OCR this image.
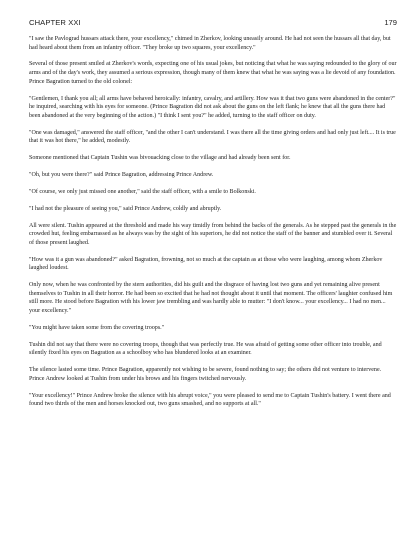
CHAPTER XXI	179

"I saw the Pavlograd hussars attack there, your excellency," chimed in Zherkov, looking uneasily around. He had not seen the hussars all that day, but had heard about them from an infantry officer. "They broke up two squares, your excellency."

Several of those present smiled at Zherkov's words, expecting one of his usual jokes, but noticing that what he was saying redounded to the glory of our arms and of the day's work, they assumed a serious expression, though many of them knew that what he was saying was a lie devoid of any foundation. Prince Bagration turned to the old colonel:

"Gentlemen, I thank you all; all arms have behaved heroically: infantry, cavalry, and artillery. How was it that two guns were abandoned in the center?" he inquired, searching with his eyes for someone. (Prince Bagration did not ask about the guns on the left flank; he knew that all the guns there had been abandoned at the very beginning of the action.) "I think I sent you?" he added, turning to the staff officer on duty.

"One was damaged," answered the staff officer, "and the other I can't understand. I was there all the time giving orders and had only just left.... It is true that it was hot there," he added, modestly.

Someone mentioned that Captain Tushin was bivouacking close to the village and had already been sent for.

"Oh, but you were there?" said Prince Bagration, addressing Prince Andrew.

"Of course, we only just missed one another," said the staff officer, with a smile to Bolkonski.

"I had not the pleasure of seeing you," said Prince Andrew, coldly and abruptly.

All were silent. Tushin appeared at the threshold and made his way timidly from behind the backs of the generals. As he stepped past the generals in the crowded hut, feeling embarrassed as he always was by the sight of his superiors, he did not notice the staff of the banner and stumbled over it. Several of those present laughed.

"How was it a gun was abandoned?" asked Bagration, frowning, not so much at the captain as at those who were laughing, among whom Zherkov laughed loudest.

Only now, when he was confronted by the stern authorities, did his guilt and the disgrace of having lost two guns and yet remaining alive present themselves to Tushin in all their horror. He had been so excited that he had not thought about it until that moment. The officers' laughter confused him still more. He stood before Bagration with his lower jaw trembling and was hardly able to mutter: "I don't know... your excellency... I had no men... your excellency."

"You might have taken some from the covering troops."

Tushin did not say that there were no covering troops, though that was perfectly true. He was afraid of getting some other officer into trouble, and silently fixed his eyes on Bagration as a schoolboy who has blundered looks at an examiner.

The silence lasted some time. Prince Bagration, apparently not wishing to be severe, found nothing to say; the others did not venture to intervene. Prince Andrew looked at Tushin from under his brows and his fingers twitched nervously.

"Your excellency!" Prince Andrew broke the silence with his abrupt voice," you were pleased to send me to Captain Tushin's battery. I went there and found two thirds of the men and horses knocked out, two guns smashed, and no supports at all."
